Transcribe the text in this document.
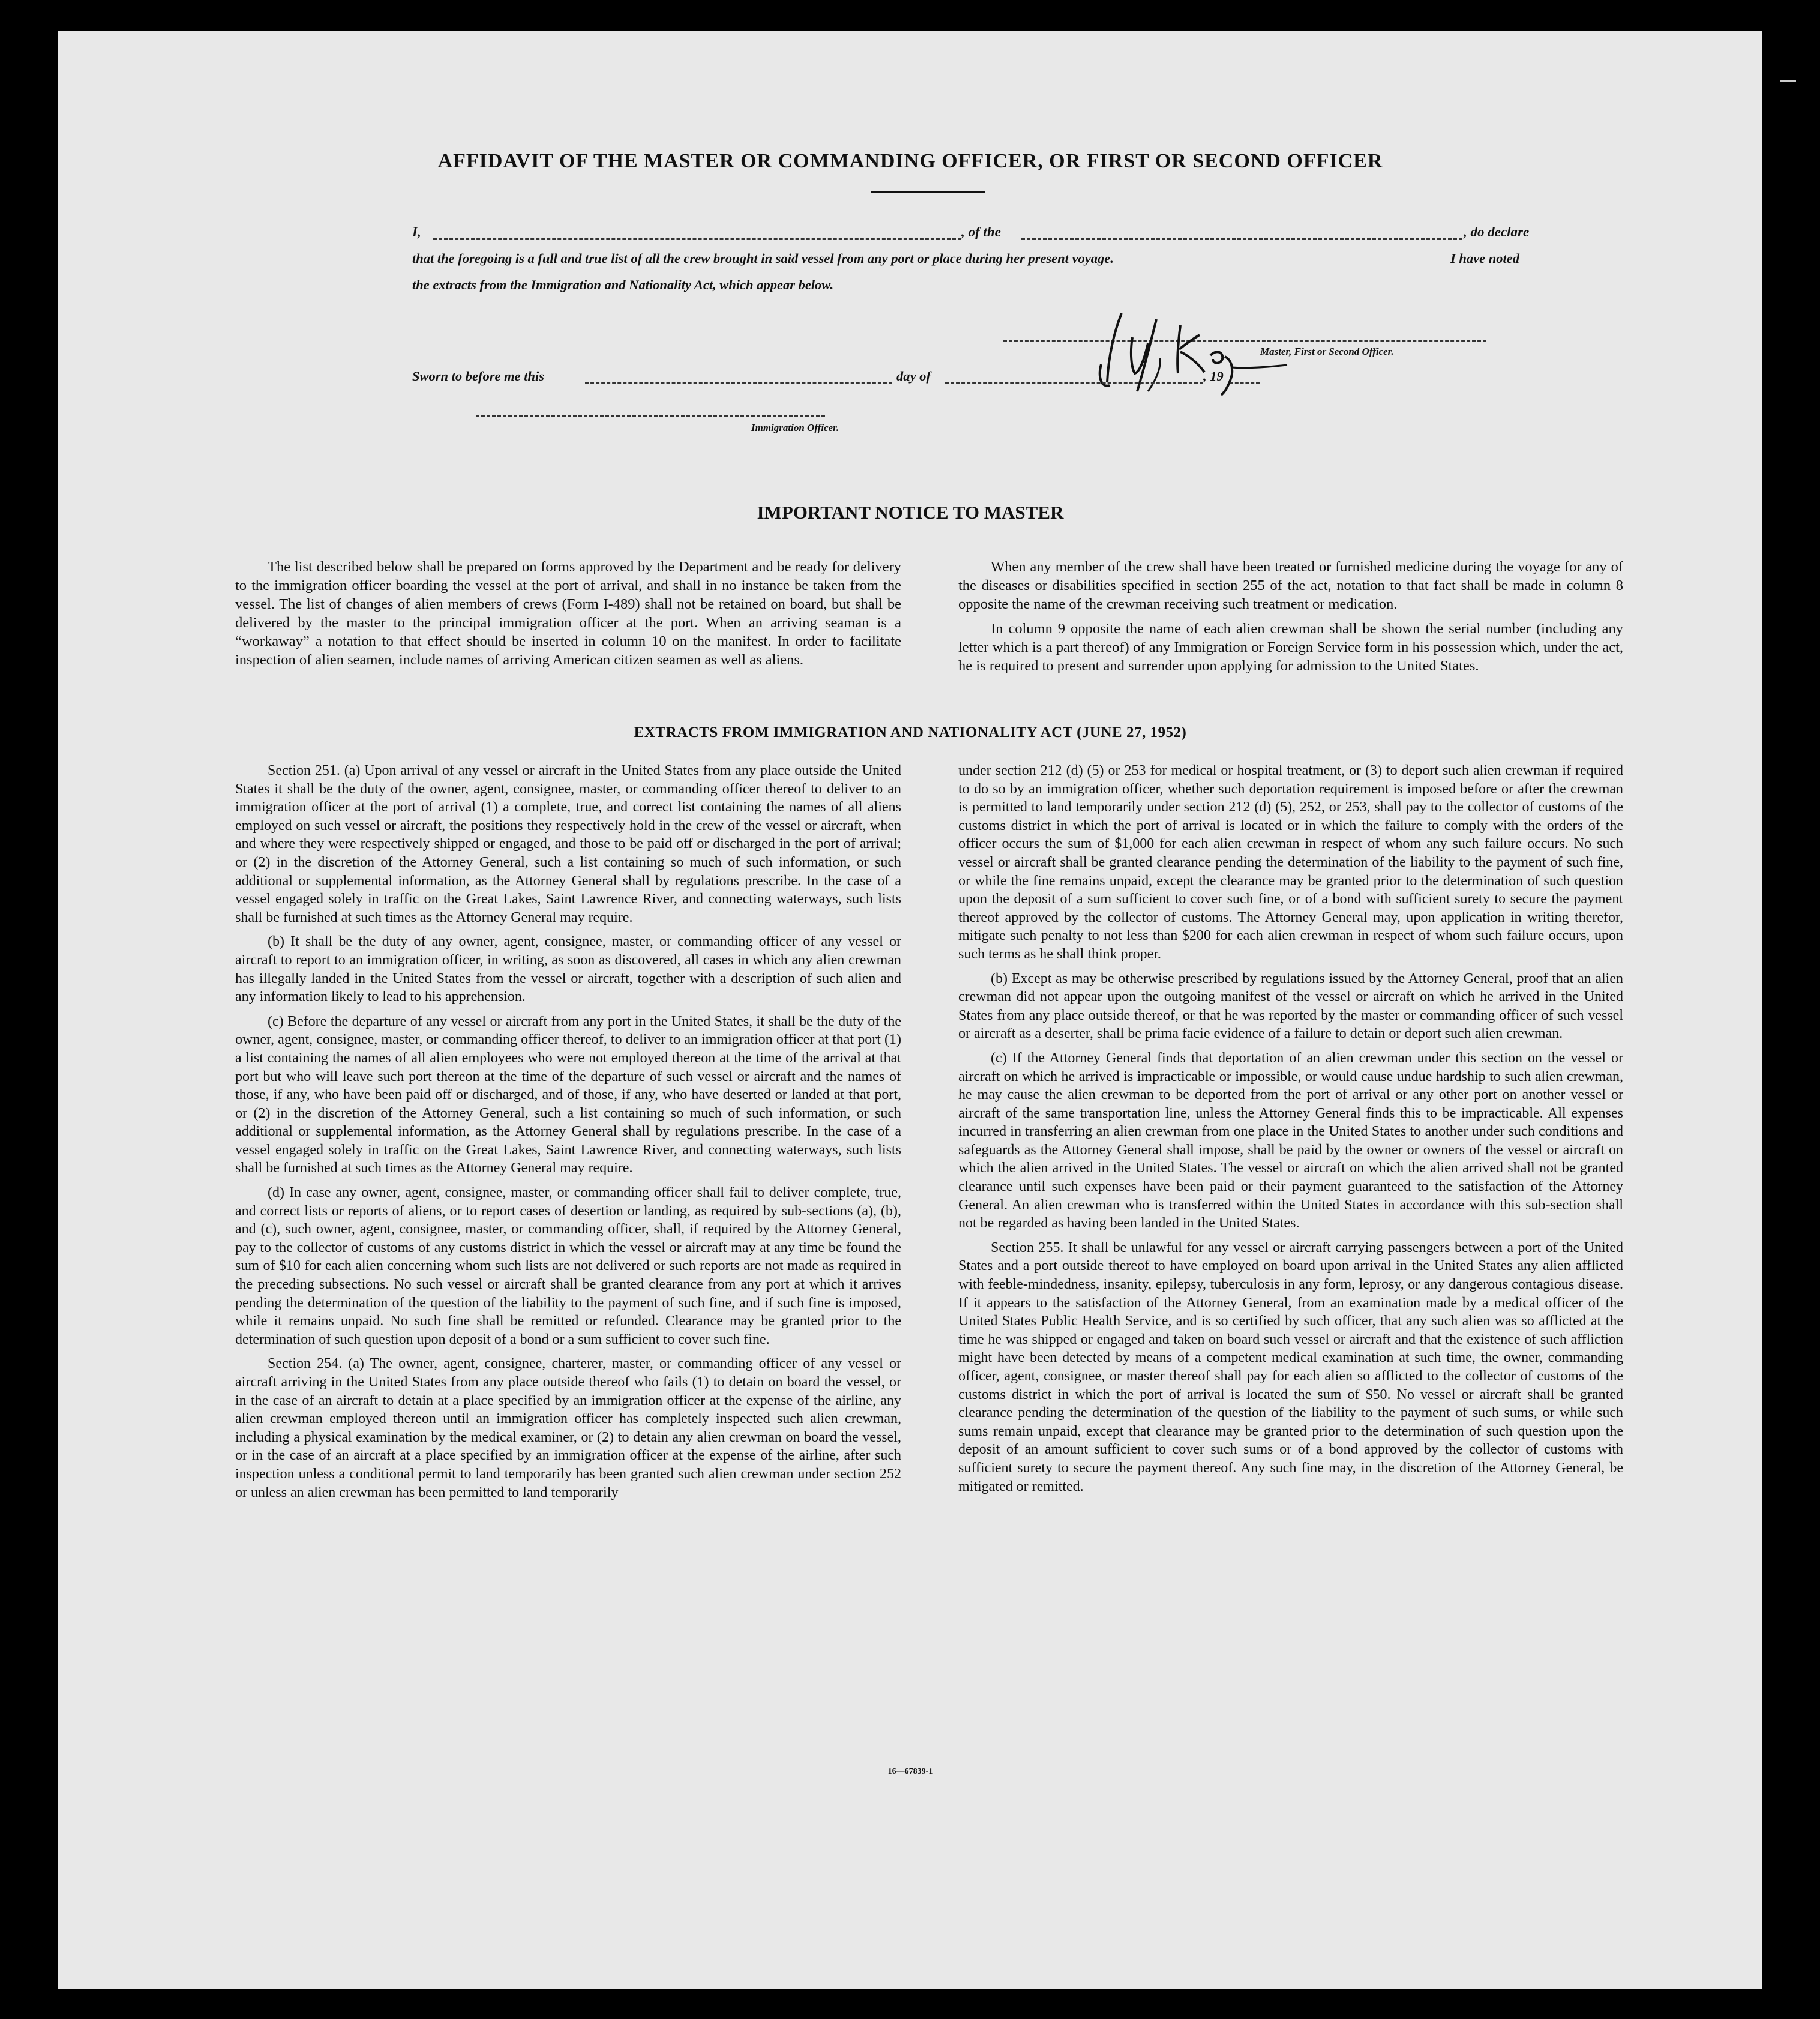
AFFIDAVIT OF THE MASTER OR COMMANDING OFFICER, OR FIRST OR SECOND OFFICER
I,	, of the	, do declare
that the foregoing is a full and true list of all the crew brought in said vessel from any port or place during her present voyage.	I have noted
the extracts from the Immigration and Nationality Act, which appear below.
Master, First or Second Officer.
Sworn to before me this	day of	, 19
Immigration Officer.
IMPORTANT NOTICE TO MASTER

The list described below shall be prepared on forms approved by the Department and be ready for delivery to the immigration officer boarding the vessel at the port of arrival, and shall in no instance be taken from the vessel. The list of changes of alien members of crews (Form I-489) shall not be retained on board, but shall be delivered by the master to the principal immigration officer at the port. When an arriving seaman is a “workaway” a notation to that effect should be inserted in column 10 on the manifest. In order to facilitate inspection of alien seamen, include names of arriving American citizen seamen as well as aliens.

When any member of the crew shall have been treated or furnished medicine during the voyage for any of the diseases or disabilities specified in section 255 of the act, notation to that fact shall be made in column 8 opposite the name of the crewman receiving such treatment or medication.

In column 9 opposite the name of each alien crewman shall be shown the serial number (including any letter which is a part thereof) of any Immigration or Foreign Service form in his possession which, under the act, he is required to present and surrender upon applying for admission to the United States.

EXTRACTS FROM IMMIGRATION AND NATIONALITY ACT (JUNE 27, 1952)

Section 251. (a) Upon arrival of any vessel or aircraft in the United States from any place outside the United States it shall be the duty of the owner, agent, consignee, master, or commanding officer thereof to deliver to an immigration officer at the port of arrival (1) a complete, true, and correct list containing the names of all aliens employed on such vessel or aircraft, the positions they respectively hold in the crew of the vessel or aircraft, when and where they were respectively shipped or engaged, and those to be paid off or discharged in the port of arrival; or (2) in the discretion of the Attorney General, such a list containing so much of such information, or such additional or supplemental information, as the Attorney General shall by regulations prescribe. In the case of a vessel engaged solely in traffic on the Great Lakes, Saint Lawrence River, and connecting waterways, such lists shall be furnished at such times as the Attorney General may require.

(b) It shall be the duty of any owner, agent, consignee, master, or commanding officer of any vessel or aircraft to report to an immigration officer, in writing, as soon as discovered, all cases in which any alien crewman has illegally landed in the United States from the vessel or aircraft, together with a description of such alien and any information likely to lead to his apprehension.

(c) Before the departure of any vessel or aircraft from any port in the United States, it shall be the duty of the owner, agent, consignee, master, or commanding officer thereof, to deliver to an immigration officer at that port (1) a list containing the names of all alien employees who were not employed thereon at the time of the arrival at that port but who will leave such port thereon at the time of the departure of such vessel or aircraft and the names of those, if any, who have been paid off or discharged, and of those, if any, who have deserted or landed at that port, or (2) in the discretion of the Attorney General, such a list containing so much of such information, or such additional or supplemental information, as the Attorney General shall by regulations prescribe. In the case of a vessel engaged solely in traffic on the Great Lakes, Saint Lawrence River, and connecting waterways, such lists shall be furnished at such times as the Attorney General may require.

(d) In case any owner, agent, consignee, master, or commanding officer shall fail to deliver complete, true, and correct lists or reports of aliens, or to report cases of desertion or landing, as required by sub-sections (a), (b), and (c), such owner, agent, consignee, master, or commanding officer, shall, if required by the Attorney General, pay to the collector of customs of any customs district in which the vessel or aircraft may at any time be found the sum of $10 for each alien concerning whom such lists are not delivered or such reports are not made as required in the preceding subsections. No such vessel or aircraft shall be granted clearance from any port at which it arrives pending the determination of the question of the liability to the payment of such fine, and if such fine is imposed, while it remains unpaid. No such fine shall be remitted or refunded. Clearance may be granted prior to the determination of such question upon deposit of a bond or a sum sufficient to cover such fine.

Section 254. (a) The owner, agent, consignee, charterer, master, or commanding officer of any vessel or aircraft arriving in the United States from any place outside thereof who fails (1) to detain on board the vessel, or in the case of an aircraft to detain at a place specified by an immigration officer at the expense of the airline, any alien crewman employed thereon until an immigration officer has completely inspected such alien crewman, including a physical examination by the medical examiner, or (2) to detain any alien crewman on board the vessel, or in the case of an aircraft at a place specified by an immigration officer at the expense of the airline, after such inspection unless a conditional permit to land temporarily has been granted such alien crewman under section 252 or unless an alien crewman has been permitted to land temporarily

under section 212 (d) (5) or 253 for medical or hospital treatment, or (3) to deport such alien crewman if required to do so by an immigration officer, whether such deportation requirement is imposed before or after the crewman is permitted to land temporarily under section 212 (d) (5), 252, or 253, shall pay to the collector of customs of the customs district in which the port of arrival is located or in which the failure to comply with the orders of the officer occurs the sum of $1,000 for each alien crewman in respect of whom any such failure occurs. No such vessel or aircraft shall be granted clearance pending the determination of the liability to the payment of such fine, or while the fine remains unpaid, except the clearance may be granted prior to the determination of such question upon the deposit of a sum sufficient to cover such fine, or of a bond with sufficient surety to secure the payment thereof approved by the collector of customs. The Attorney General may, upon application in writing therefor, mitigate such penalty to not less than $200 for each alien crewman in respect of whom such failure occurs, upon such terms as he shall think proper.

(b) Except as may be otherwise prescribed by regulations issued by the Attorney General, proof that an alien crewman did not appear upon the outgoing manifest of the vessel or aircraft on which he arrived in the United States from any place outside thereof, or that he was reported by the master or commanding officer of such vessel or aircraft as a deserter, shall be prima facie evidence of a failure to detain or deport such alien crewman.

(c) If the Attorney General finds that deportation of an alien crewman under this section on the vessel or aircraft on which he arrived is impracticable or impossible, or would cause undue hardship to such alien crewman, he may cause the alien crewman to be deported from the port of arrival or any other port on another vessel or aircraft of the same transportation line, unless the Attorney General finds this to be impracticable. All expenses incurred in transferring an alien crewman from one place in the United States to another under such conditions and safeguards as the Attorney General shall impose, shall be paid by the owner or owners of the vessel or aircraft on which the alien arrived in the United States. The vessel or aircraft on which the alien arrived shall not be granted clearance until such expenses have been paid or their payment guaranteed to the satisfaction of the Attorney General. An alien crewman who is transferred within the United States in accordance with this sub-section shall not be regarded as having been landed in the United States.

Section 255. It shall be unlawful for any vessel or aircraft carrying passengers between a port of the United States and a port outside thereof to have employed on board upon arrival in the United States any alien afflicted with feeble-mindedness, insanity, epilepsy, tuberculosis in any form, leprosy, or any dangerous contagious disease. If it appears to the satisfaction of the Attorney General, from an examination made by a medical officer of the United States Public Health Service, and is so certified by such officer, that any such alien was so afflicted at the time he was shipped or engaged and taken on board such vessel or aircraft and that the existence of such affliction might have been detected by means of a competent medical examination at such time, the owner, commanding officer, agent, consignee, or master thereof shall pay for each alien so afflicted to the collector of customs of the customs district in which the port of arrival is located the sum of $50. No vessel or aircraft shall be granted clearance pending the determination of the question of the liability to the payment of such sums, or while such sums remain unpaid, except that clearance may be granted prior to the determination of such question upon the deposit of an amount sufficient to cover such sums or of a bond approved by the collector of customs with sufficient surety to secure the payment thereof. Any such fine may, in the discretion of the Attorney General, be mitigated or remitted.

16—67839-1
